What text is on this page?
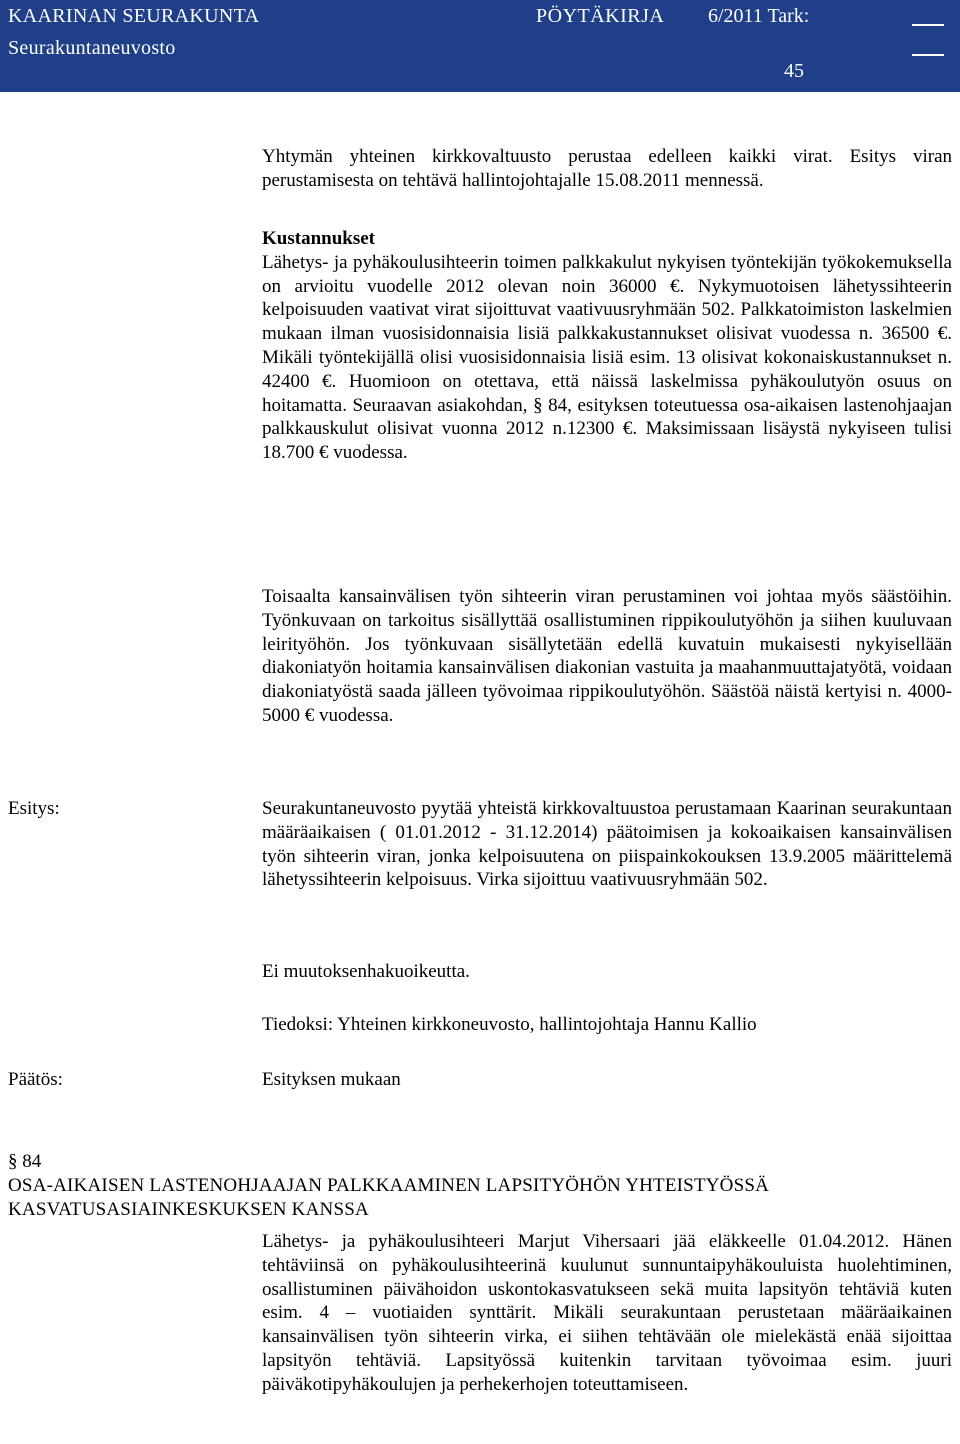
KAARINAN SEURAKUNTA
Seurakuntaneuvosto
PÖYTÄKIRJA 6/2011 Tark:
45

Yhtymän yhteinen kirkkovaltuusto perustaa edelleen kaikki virat. Esitys viran perustamisesta on tehtävä hallintojohtajalle 15.08.2011 mennessä.

Kustannukset
Lähetys- ja pyhäkoulusihteerin toimen palkkakulut nykyisen työntekijän työkokemuksella on arvioitu vuodelle 2012 olevan noin 36000 €. Nykymuotoisen lähetyssihteerin kelpoisuuden vaativat virat sijoittuvat vaativuusryhmään 502. Palkkatoimiston laskelmien mukaan ilman vuosisidonnaisia lisiä palkkakustannukset olisivat vuodessa n. 36500 €. Mikäli työntekijällä olisi vuosisidonnaisia lisiä esim. 13 olisivat kokonaiskustannukset n. 42400 €. Huomioon on otettava, että näissä laskelmissa pyhäkoulutyön osuus on hoitamatta. Seuraavan asiakohdan, § 84, esityksen toteutuessa osa-aikaisen lastenohjaajan palkkauskulut olisivat vuonna 2012 n.12300 €. Maksimissaan lisäystä nykyiseen tulisi 18.700 € vuodessa.

Toisaalta kansainvälisen työn sihteerin viran perustaminen voi johtaa myös säästöihin. Työnkuvaan on tarkoitus sisällyttää osallistuminen rippikoulutyöhön ja siihen kuuluvaan leirityöhön. Jos työnkuvaan sisällytetään edellä kuvatuin mukaisesti nykyisellään diakoniatyön hoitamia kansainvälisen diakonian vastuita ja maahanmuuttajatyötä, voidaan diakoniatyöstä saada jälleen työvoimaa rippikoulutyöhön. Säästöä näistä kertyisi n. 4000-5000 € vuodessa.

Esitys:	Seurakuntaneuvosto pyytää yhteistä kirkkovaltuustoa perustamaan Kaarinan seurakuntaan määräaikaisen ( 01.01.2012 - 31.12.2014) päätoimisen ja kokoaikaisen kansainvälisen työn sihteerin viran, jonka kelpoisuutena on piispainkokouksen 13.9.2005 määrittelemä lähetyssihteerin kelpoisuus. Virka sijoittuu vaativuusryhmään 502.

Ei muutoksenhakuoikeutta.

Tiedoksi: Yhteinen kirkkoneuvosto, hallintojohtaja Hannu Kallio

Päätös:	Esityksen mukaan

§ 84
OSA-AIKAISEN LASTENOHJAAJAN PALKKAAMINEN LAPSITYÖHÖN YHTEISTYÖSSÄ
KASVATUSASIAINKESKUKSEN KANSSA

Lähetys- ja pyhäkoulusihteeri Marjut Vihersaari jää eläkkeelle 01.04.2012. Hänen tehtäviinsä on pyhäkoulusihteerinä kuulunut sunnuntaipyhäkouluista huolehtiminen, osallistuminen päivähoidon uskontokasvatukseen sekä muita lapsityön tehtäviä kuten esim. 4 – vuotiaiden synttärit. Mikäli seurakuntaan perustetaan määräaikainen kansainvälisen työn sihteerin virka, ei siihen tehtävään ole mielekästä enää sijoittaa lapsityön tehtäviä. Lapsityössä kuitenkin tarvitaan työvoimaa esim. juuri päiväkotipyhäkoulujen ja perhekerhojen toteuttamiseen.
